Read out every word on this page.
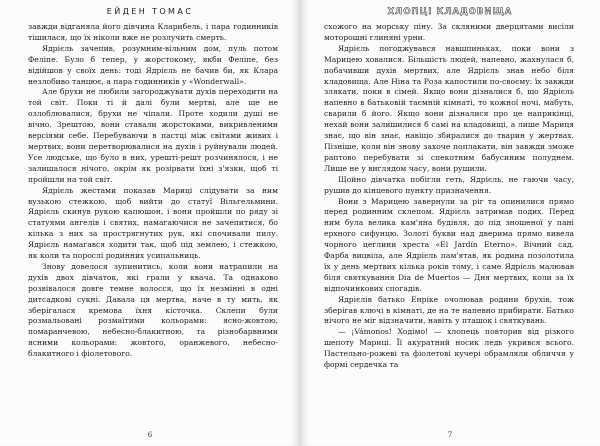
ЕЙДЕН ТОМАС

завжди відганяла його дівчина Кларибель, і пара годинників тішилася, що їх ніколи вже не розлучить смерть.

Ядрієль зачепив, розумним-вільним дом, пуль потом Феліпе. Було б тепер, у жорстокому, якби Феліпе, без відійшов у своїх день: тоді Ядрієль не бачив би, як Клара незлобиво танцює, а пара годинників у «Wonderwall».

Але брухи не любили загороджувати духів переходити на той світ. Поки ті й далі були мертві, але ще не озлоблювалися, брухи не чіпали. Проте ходили душі не вічно. Зрештою, вони ставали жорстокими, викривленими версіями себе. Перебуваючи в пастці між світами живих і мертвих, вони перетворювалися на духів і руйнували людей. Усе людське, що було в них, урешті-решт розчинялося, і не залишалося нічого, окрім як розірвати їхні з'язки, щоб ті пройшли на той світ.

Ядрієль жестами показав Мариці слідувати за ним вузькою стежкою, щоб вийти до статуї Вільгельмини. Ядрієль скинув рукою капюшон, і вони пройшли по ряду зі статуями ангелів і святих, намагаючися не зачепитися, бо кілька з них за прострягнутих рук, які спочивали пилу. Ядрієль намагався ходити так, щоб під землею, і стежкою, як коли та порослі родинних усипальниць.

Знову довелося зупинитись, коли вони натрапили на духів двох дівчаток, які грали у квача. Та однаково розвівалося довге темне волосся, що їх незмінні в одні дитсадкові сукні. Давала ця мертва, наче в ту мить, як зберігалася кремова їхня кісточка. Склепи були розмальовані розмаїтими кольорами: ясно-жовтою, помаранчевою, небесно-блакитною, та різнобарвними ясними кольорами: жовтого, оранжевого, небесно-блакитного і фіолетового.

6
ХЛОПЦІ КЛАДОВИЩА

схожого на морську піну. За скляними дверцятами висіли моторошні глиняні урни.

Ядрієль погоджувався навшпиньках, поки вони з Марицею ховалися. Більшість людей, напевно, жахнулася б, побачивши духів мертвих, але Ядрієль знав небо біля кладовища. Але Ніна та Роза капостили по-своєму: їх завжди злякати, поки в сімей. Якщо вони дізналися б, що Ядрієль напевно в батьковій таємній кімнаті, то кожної ночі, мабуть, сварили б його. Якщо вони дізналися про це наприкінці, нехай вони залишилися б самі на кладовищі, а лише Мариця знає, що він знає, навіщо збиралися до тварин у жертвах. Пізніше, коли він знову захоче поплакати, він завжди зможе раптово перебувати зі спекотним бабусиним полуднем. Лише не у виглядом часу, вони рушили.

Щойно дівчатка побігли геть, Ядрієль, не гаючи часу, рушив до кінцевого пункту призначення.

Вони з Марицею завернули за ріг та опинилися прямо перед родинним склепом. Ядрієль затримав подих. Перед ним була велика кам'яна будівля, до під зношеної у пані ерхного сифунцю. Золоті букви над дверима прямо вивела чорного цеглини хреста «El Jardín Eterno». Вічний сад. Фарба вицвіла, але Ядрієль пам'ятав, як родина позолотила їх у день мертвих кілька років тому, і саме Ядрієль малював біля святкування Dia de Muertos — Дня мертвих, коли за їх відпочинкових спогадів.

Ядрієлів батько Енріке очолював родини брухів, тож зберігав ключі в кімнаті, де на те напевно прибирати. Батько нічого не міг відзначити, навіть у пташок і святкувань.

— ¡Vámonos! Ходімо! — хлопець повторив від різкого шепоту Мариці. Її акуратний носик ледь укрився всього. Пастельно-рожеві та фіолетові кучері обрамляли обличчя у формі сердечка та

7
